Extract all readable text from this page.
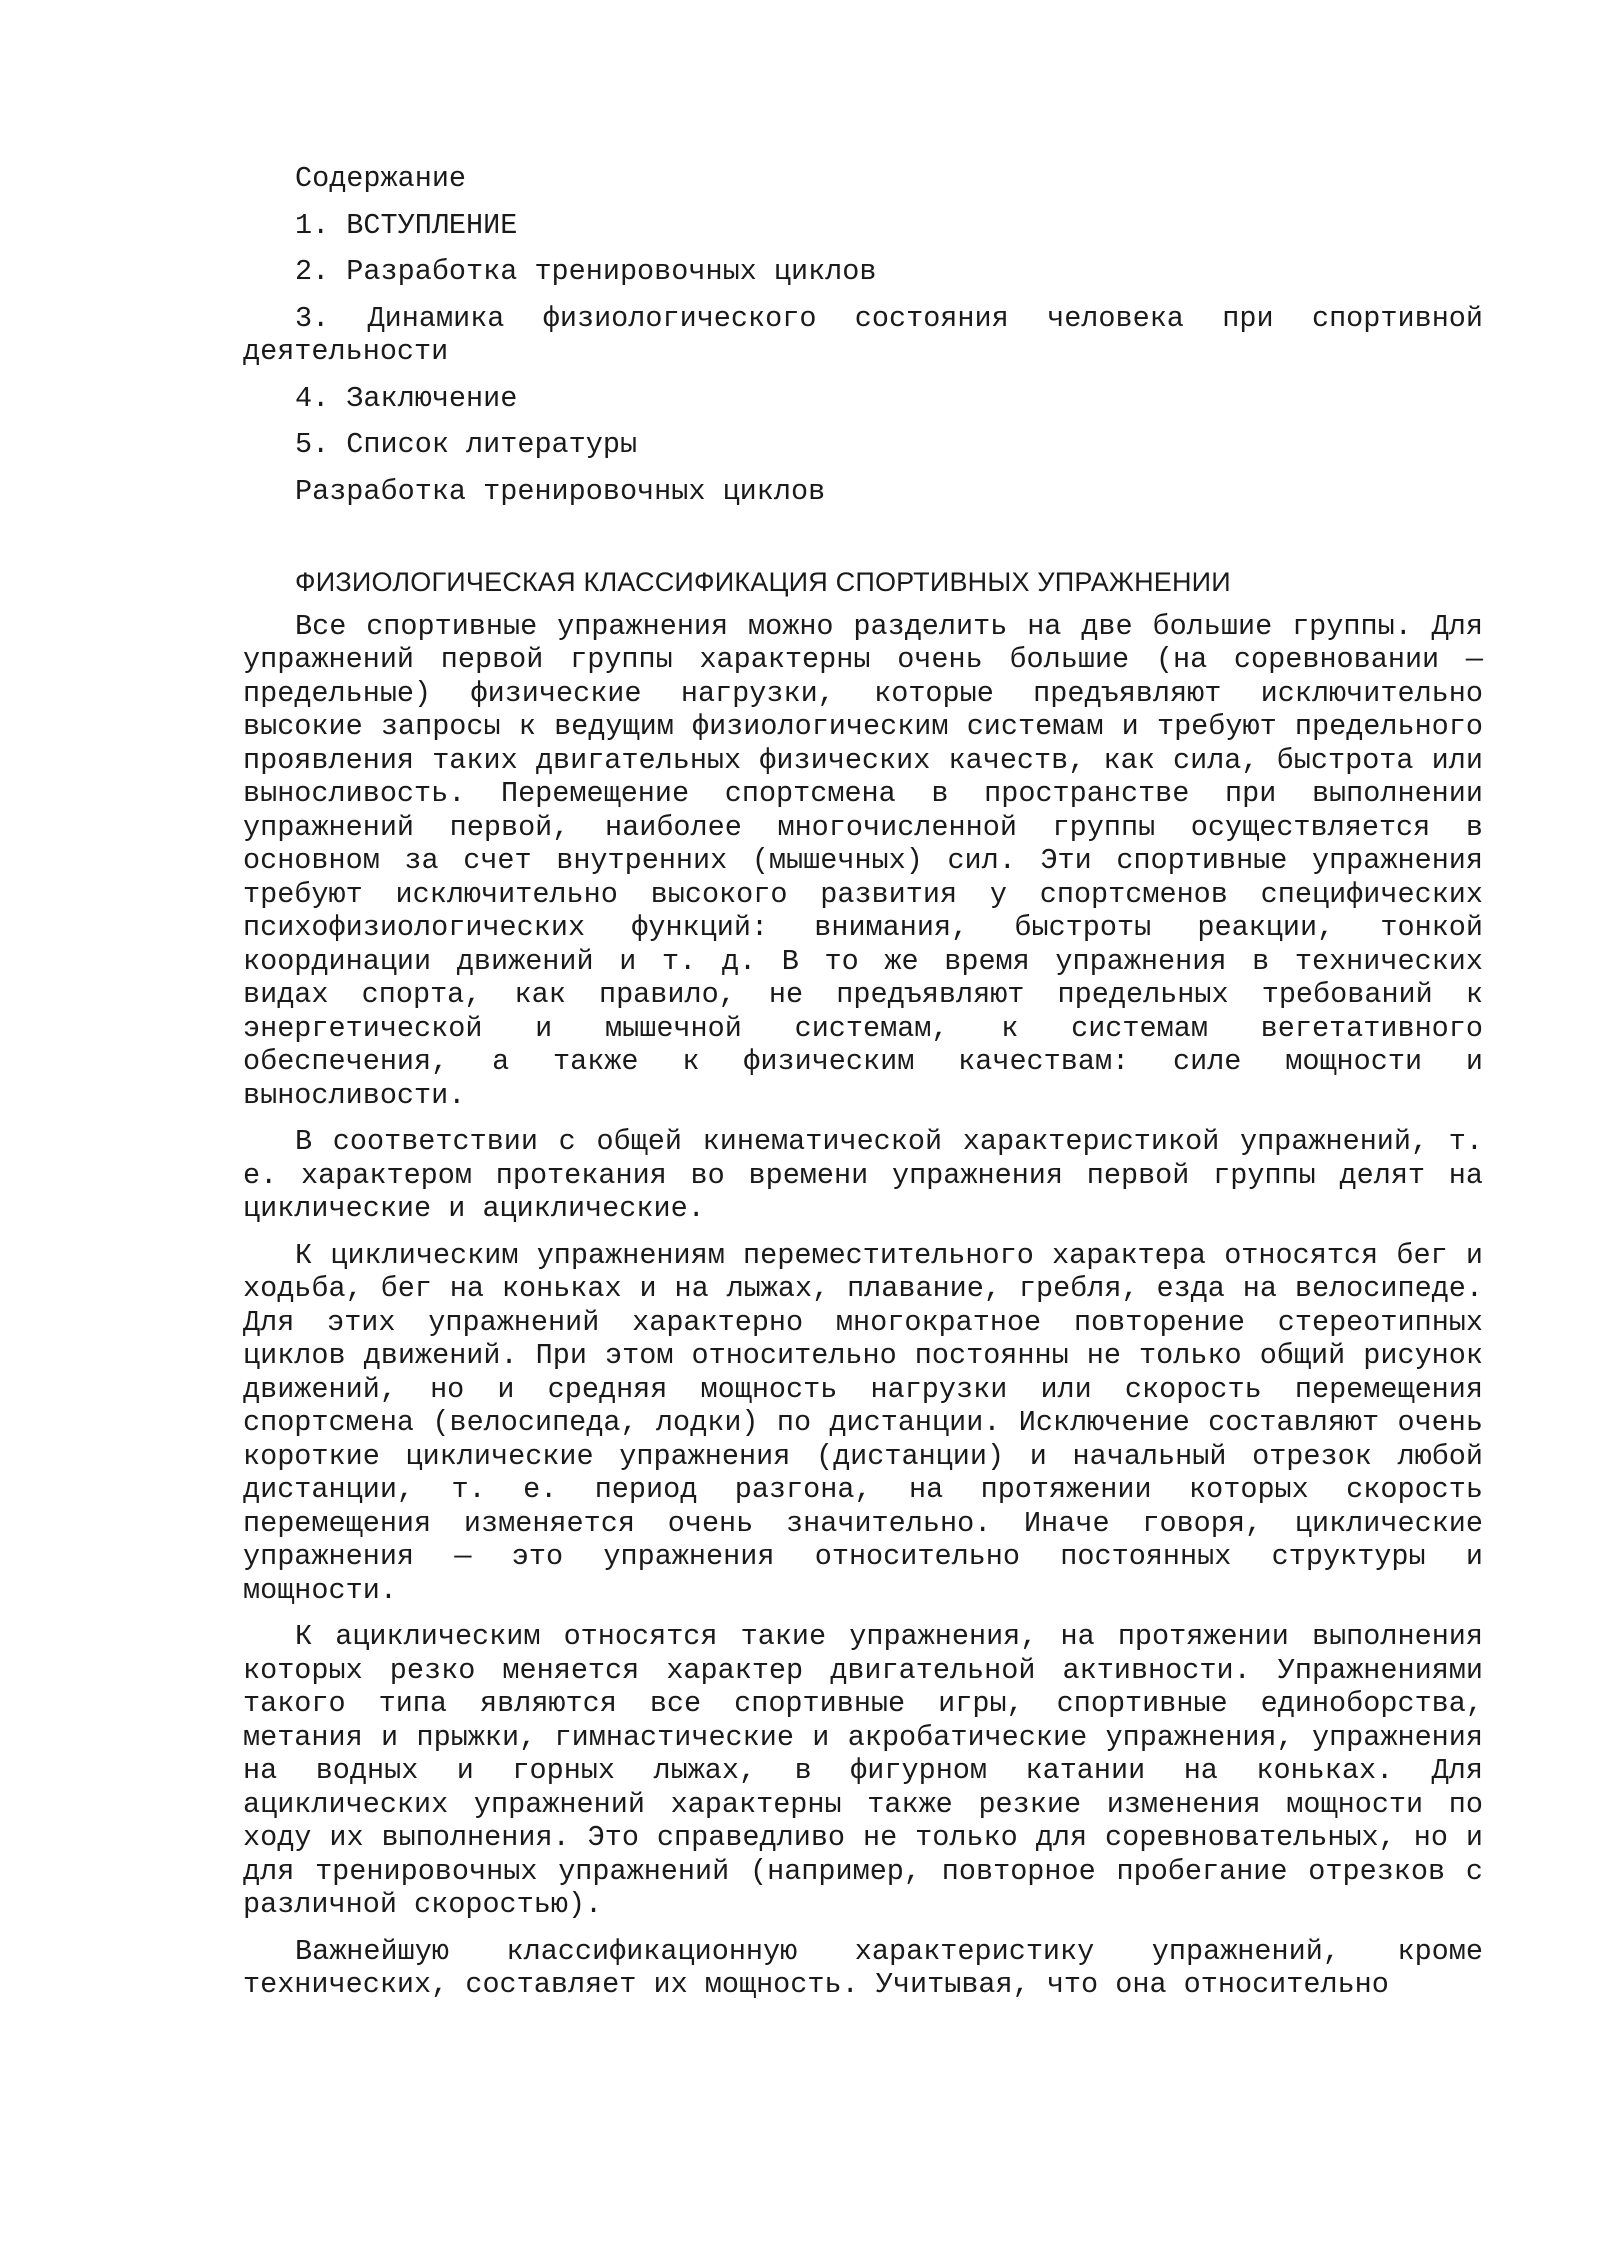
Содержание
1. ВСТУПЛЕНИЕ
2. Разработка тренировочных циклов
3. Динамика физиологического состояния человека при спортивной деятельности
4. Заключение
5. Список литературы
Разработка тренировочных циклов
ФИЗИОЛОГИЧЕСКАЯ КЛАССИФИКАЦИЯ СПОРТИВНЫХ УПРАЖНЕНИИ

Все спортивные упражнения можно разделить на две большие группы. Для упражнений первой группы характерны очень большие (на соревновании — предельные) физические нагрузки, которые предъявляют исключительно высокие запросы к ведущим физиологическим системам и требуют предельного проявления таких двигательных физических качеств, как сила, быстрота или выносливость. Перемещение спортсмена в пространстве при выполнении упражнений первой, наиболее многочисленной группы осуществляется в основном за счет внутренних (мышечных) сил. Эти спортивные упражнения требуют исключительно высокого развития у спортсменов специфических психофизиологических функций: внимания, быстроты реакции, тонкой координации движений и т. д. В то же время упражнения в технических видах спорта, как правило, не предъявляют предельных требований к энергетической и мышечной системам, к системам вегетативного обеспечения, а также к физическим качествам: силе мощности и выносливости.

В соответствии с общей кинематической характеристикой упражнений, т. е. характером протекания во времени упражнения первой группы делят на циклические и ациклические.

К циклическим упражнениям переместительного характера относятся бег и ходьба, бег на коньках и на лыжах, плавание, гребля, езда на велосипеде. Для этих упражнений характерно многократное повторение стереотипных циклов движений. При этом относительно постоянны не только общий рисунок движений, но и средняя мощность нагрузки или скорость перемещения спортсмена (велосипеда, лодки) по дистанции. Исключение составляют очень короткие циклические упражнения (дистанции) и начальный отрезок любой дистанции, т. е. период разгона, на протяжении которых скорость перемещения изменяется очень значительно. Иначе говоря, циклические упражнения — это упражнения относительно постоянных структуры и мощности.

К ациклическим относятся такие упражнения, на протяжении выполнения которых резко меняется характер двигательной активности. Упражнениями такого типа являются все спортивные игры, спортивные единоборства, метания и прыжки, гимнастические и акробатические упражнения, упражнения на водных и горных лыжах, в фигурном катании на коньках. Для ациклических упражнений характерны также резкие изменения мощности по ходу их выполнения. Это справедливо не только для соревновательных, но и для тренировочных упражнений (например, повторное пробегание отрезков с различной скоростью).

Важнейшую классификационную характеристику упражнений, кроме технических, составляет их мощность. Учитывая, что она относительно
